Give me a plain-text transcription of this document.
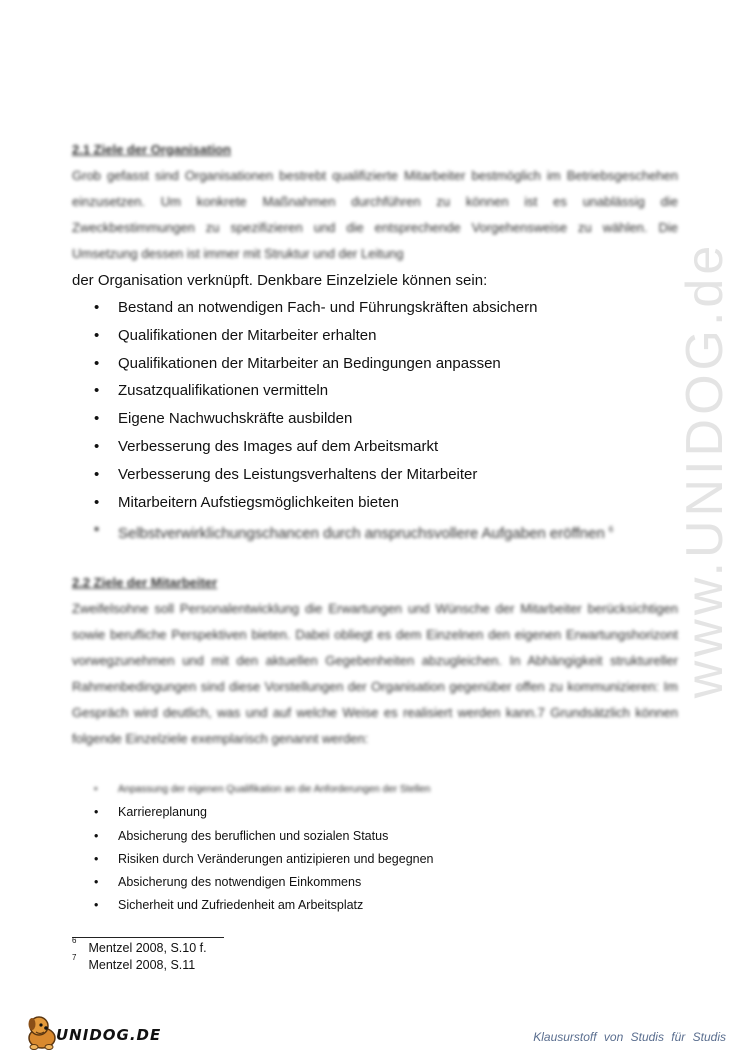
www.UNIDOG.de
2.1 Ziele der Organisation
Grob gefasst sind Organisationen bestrebt qualifizierte Mitarbeiter bestmöglich im Betriebsgeschehen einzusetzen. Um konkrete Maßnahmen durchführen zu können ist es unablässig die Zweckbestimmungen zu spezifizieren und die entsprechende Vorgehensweise zu wählen. Die Umsetzung dessen ist immer mit Struktur und der Leitung
der Organisation verknüpft. Denkbare Einzelziele können sein:
• Bestand an notwendigen Fach- und Führungskräften absichern
• Qualifikationen der Mitarbeiter erhalten
• Qualifikationen der Mitarbeiter an Bedingungen anpassen
• Zusatzqualifikationen vermitteln
• Eigene Nachwuchskräfte ausbilden
• Verbesserung des Images auf dem Arbeitsmarkt
• Verbesserung des Leistungsverhaltens der Mitarbeiter
• Mitarbeitern Aufstiegsmöglichkeiten bieten
• Selbstverwirklichungschancen durch anspruchsvollere Aufgaben eröffnen $^6$
2.2 Ziele der Mitarbeiter
Zweifelsohne soll Personalentwicklung die Erwartungen und Wünsche der Mitarbeiter berücksichtigen sowie berufliche Perspektiven bieten. Dabei obliegt es dem Einzelnen den eigenen Erwartungshorizont vorwegzunehmen und mit den aktuellen Gegebenheiten abzugleichen. In Abhängigkeit struktureller Rahmenbedingungen sind diese Vorstellungen der Organisation gegenüber offen zu kommunizieren: Im Gespräch wird deutlich, was und auf welche Weise es realisiert werden kann.7 Grundsätzlich können folgende Einzelziele exemplarisch genannt werden:
• Anpassung der eigenen Qualifikation an die Anforderungen der Stellen
• Karriereplanung
• Absicherung des beruflichen und sozialen Status
• Risiken durch Veränderungen antizipieren und begegnen
• Absicherung des notwendigen Einkommens
• Sicherheit und Zufriedenheit am Arbeitsplatz
$^6$Mentzel 2008, S.10 f.
$^7$Mentzel 2008, S.11
UNIDOG.DE	Klausurstoff von Studis für Studis
